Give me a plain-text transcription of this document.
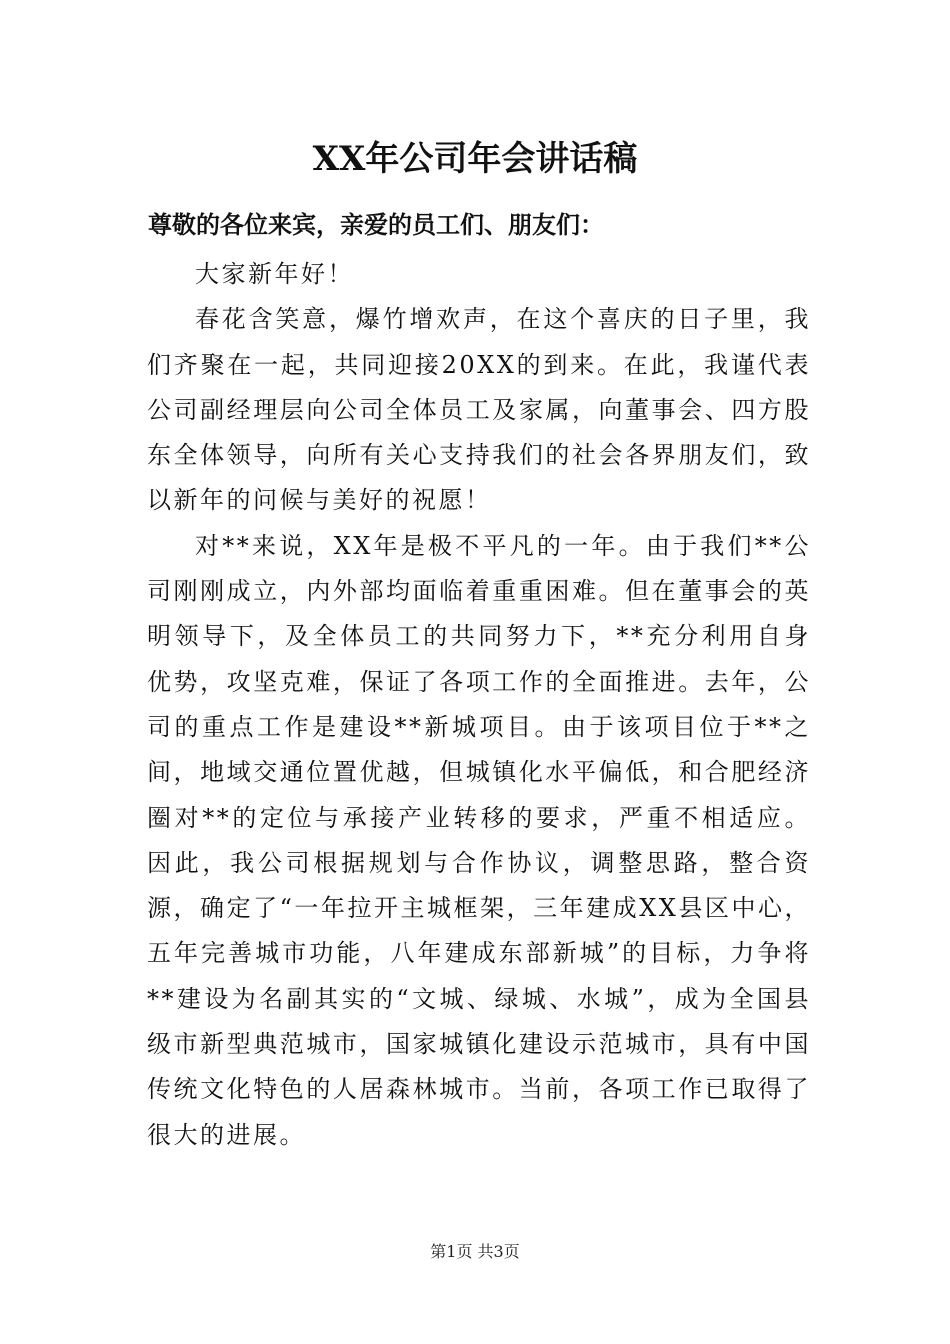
XX年公司年会讲话稿
尊敬的各位来宾，亲爱的员工们、朋友们：

大家新年好！

春花含笑意，爆竹增欢声，在这个喜庆的日子里，我们齐聚在一起，共同迎接20XX的到来。在此，我谨代表公司副经理层向公司全体员工及家属，向董事会、四方股东全体领导，向所有关心支持我们的社会各界朋友们，致以新年的问候与美好的祝愿！

对**来说，XX年是极不平凡的一年。由于我们**公司刚刚成立，内外部均面临着重重困难。但在董事会的英明领导下，及全体员工的共同努力下，**充分利用自身优势，攻坚克难，保证了各项工作的全面推进。去年，公司的重点工作是建设**新城项目。由于该项目位于**之间，地域交通位置优越，但城镇化水平偏低，和合肥经济圈对**的定位与承接产业转移的要求，严重不相适应。因此，我公司根据规划与合作协议，调整思路，整合资源，确定了“一年拉开主城框架，三年建成XX县区中心，五年完善城市功能，八年建成东部新城”的目标，力争将**建设为名副其实的“文城、绿城、水城”，成为全国县级市新型典范城市，国家城镇化建设示范城市，具有中国传统文化特色的人居森林城市。当前，各项工作已取得了很大的进展。

第1页 共3页
